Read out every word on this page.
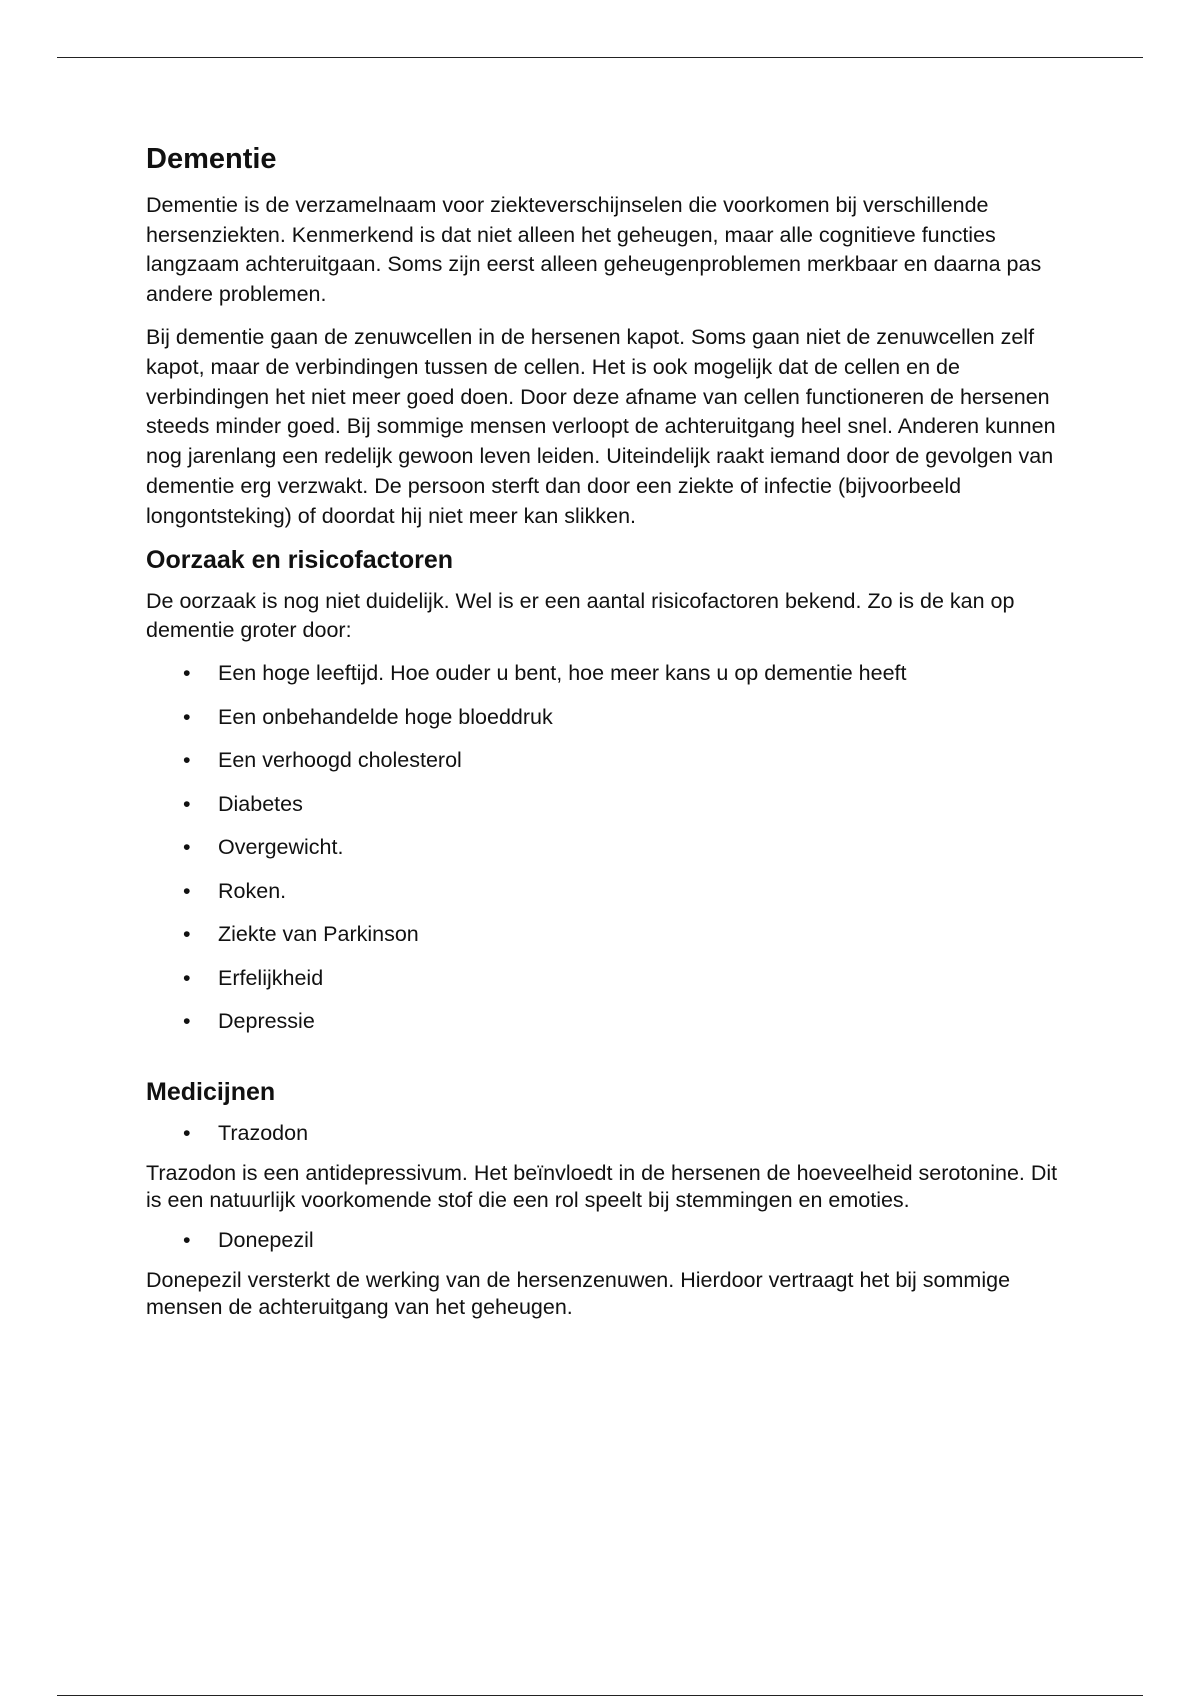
Dementie

Dementie is de verzamelnaam voor ziekteverschijnselen die voorkomen bij verschillende hersenziekten. Kenmerkend is dat niet alleen het geheugen, maar alle cognitieve functies langzaam achteruitgaan. Soms zijn eerst alleen geheugenproblemen merkbaar en daarna pas andere problemen.

Bij dementie gaan de zenuwcellen in de hersenen kapot. Soms gaan niet de zenuwcellen zelf kapot, maar de verbindingen tussen de cellen. Het is ook mogelijk dat de cellen en de verbindingen het niet meer goed doen. Door deze afname van cellen functioneren de hersenen steeds minder goed. Bij sommige mensen verloopt de achteruitgang heel snel. Anderen kunnen nog jarenlang een redelijk gewoon leven leiden. Uiteindelijk raakt iemand door de gevolgen van dementie erg verzwakt. De persoon sterft dan door een ziekte of infectie (bijvoorbeeld longontsteking) of doordat hij niet meer kan slikken.

Oorzaak en risicofactoren

De oorzaak is nog niet duidelijk. Wel is er een aantal risicofactoren bekend. Zo is de kan op dementie groter door:

• Een hoge leeftijd. Hoe ouder u bent, hoe meer kans u op dementie heeft
• Een onbehandelde hoge bloeddruk
• Een verhoogd cholesterol
• Diabetes
• Overgewicht.
• Roken.
• Ziekte van Parkinson
• Erfelijkheid
• Depressie
Medicijnen
• Trazodon

Trazodon is een antidepressivum. Het beïnvloedt in de hersenen de hoeveelheid serotonine. Dit is een natuurlijk voorkomende stof die een rol speelt bij stemmingen en emoties.

• Donepezil

Donepezil versterkt de werking van de hersenzenuwen. Hierdoor vertraagt het bij sommige mensen de achteruitgang van het geheugen.
